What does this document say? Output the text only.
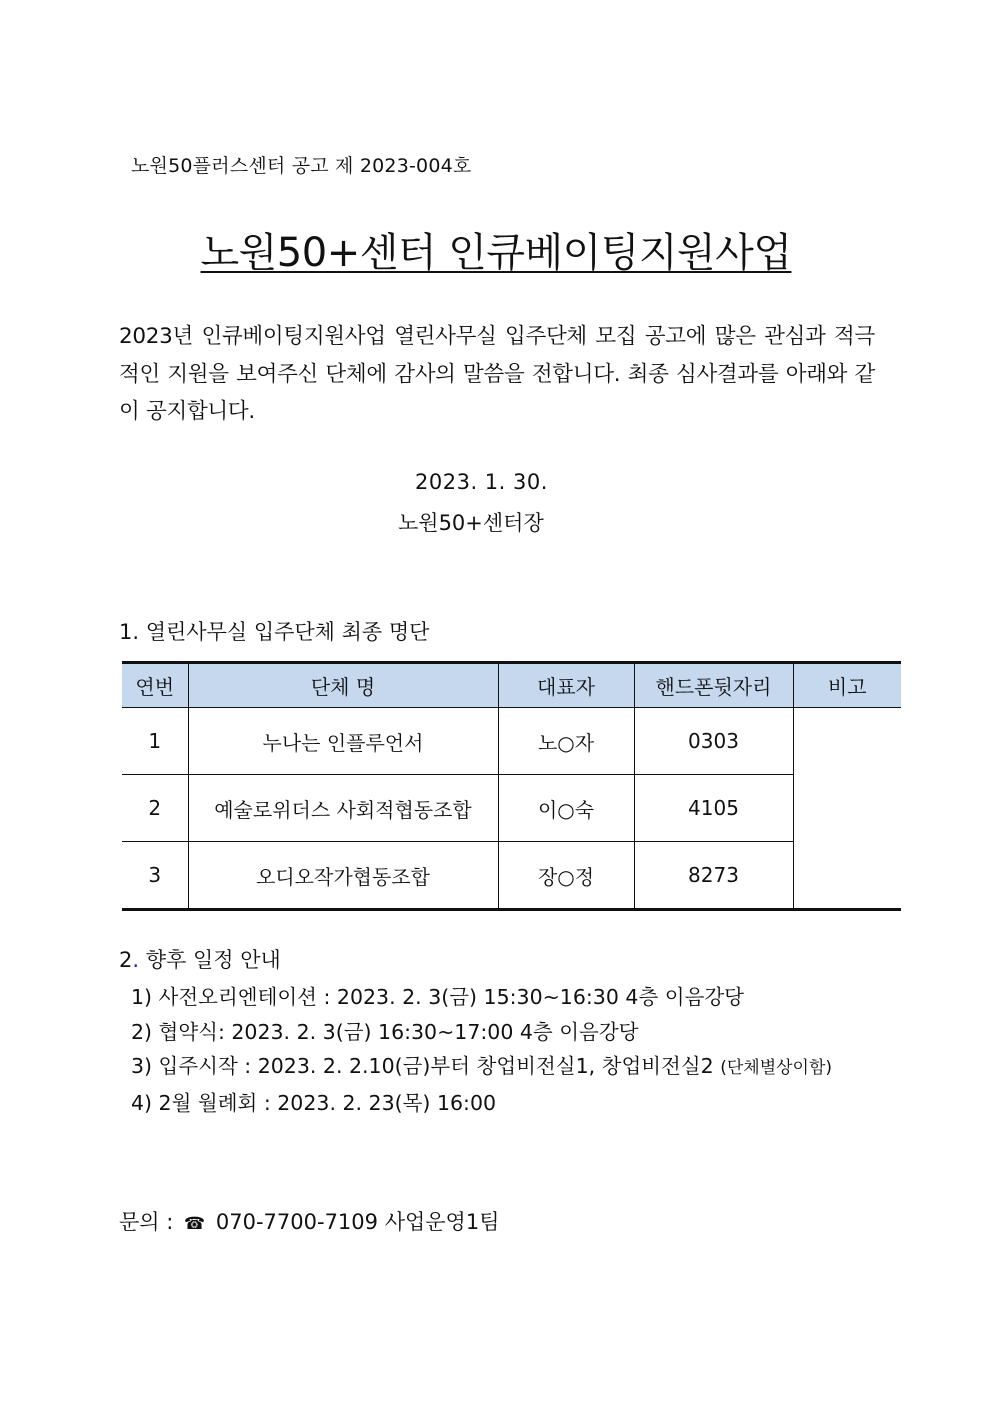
노원50플러스센터 공고 제 2023-004호
노원50+센터 인큐베이팅지원사업
2023년 인큐베이팅지원사업 열린사무실 입주단체 모집 공고에 많은 관심과 적극적인 지원을 보여주신 단체에 감사의 말씀을 전합니다. 최종 심사결과를 아래와 같이 공지합니다.
2023. 1. 30.
노원50+센터장
1. 열린사무실 입주단체 최종 명단
연번	단체 명	대표자	핸드폰뒷자리	비고
1	누나는 인플루언서	노○자	0303	
2	예술로위더스 사회적협동조합	이○숙	4105	
3	오디오작가협동조합	장○정	8273	
2. 향후 일정 안내
1) 사전오리엔테이션 : 2023. 2. 3(금) 15:30~16:30 4층 이음강당
2) 협약식: 2023. 2. 3(금) 16:30~17:00 4층 이음강당
3) 입주시작 : 2023. 2. 2.10(금)부터 창업비전실1, 창업비전실2 (단체별상이함)
4) 2월 월례회 : 2023. 2. 23(목) 16:00
문의 : ☎ 070-7700-7109 사업운영1팀
